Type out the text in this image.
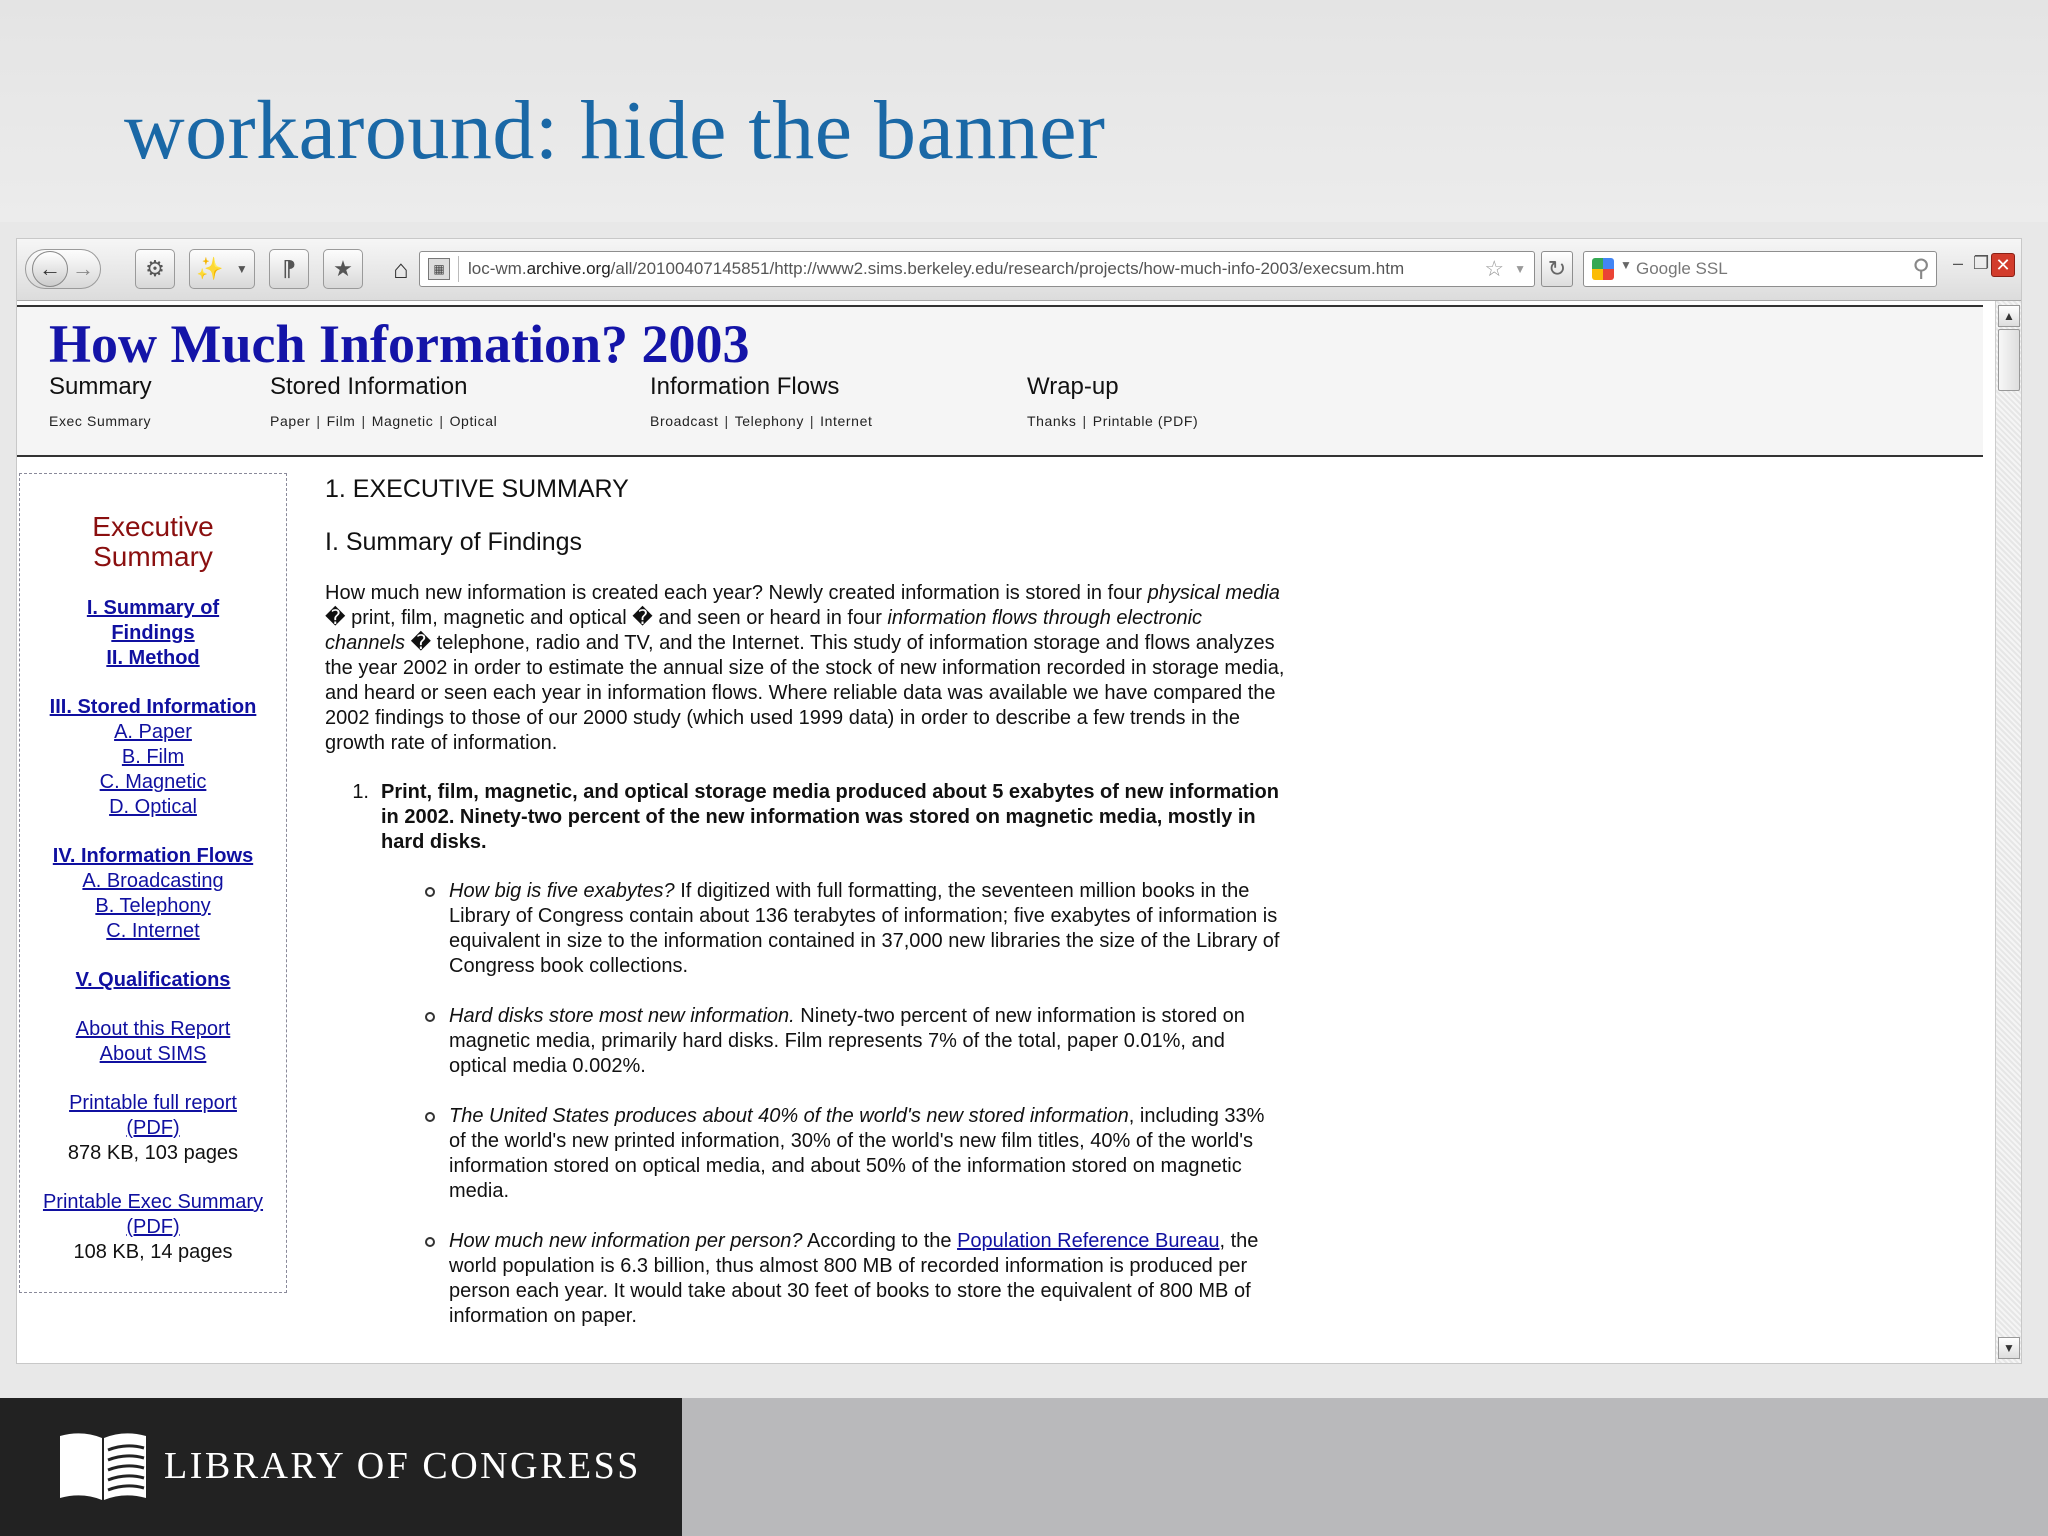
workaround: hide the banner
← →	⚙	✨ ▼	⁋	★	⌂	▦	loc-wm.archive.org/all/20100407145851/http://www2.sims.berkeley.edu/research/projects/how-much-info-2003/execsum.htm	☆ ▼ ↻	▼ Google SSL	⚲ – ❐ ✕
How Much Information? 2003
Summary
Exec Summary
Stored Information
Paper | Film | Magnetic | Optical
Information Flows
Broadcast | Telephony | Internet
Wrap-up
Thanks | Printable (PDF)
Executive
Summary
I. Summary of
Findings
II. Method
III. Stored Information
A. Paper
B. Film
C. Magnetic
D. Optical
IV. Information Flows
A. Broadcasting
B. Telephony
C. Internet
V. Qualifications
About this Report
About SIMS
Printable full report
(PDF)
878 KB, 103 pages
Printable Exec Summary
(PDF)
108 KB, 14 pages
1. EXECUTIVE SUMMARY
I. Summary of Findings

How much new information is created each year? Newly created information is stored in four physical media � print, film, magnetic and optical � and seen or heard in four information flows through electronic channels � telephone, radio and TV, and the Internet. This study of information storage and flows analyzes the year 2002 in order to estimate the annual size of the stock of new information recorded in storage media, and heard or seen each year in information flows. Where reliable data was available we have compared the 2002 findings to those of our 2000 study (which used 1999 data) in order to describe a few trends in the growth rate of information.

1. Print, film, magnetic, and optical storage media produced about 5 exabytes of new information in 2002. Ninety-two percent of the new information was stored on magnetic media, mostly in hard disks.
How big is five exabytes? If digitized with full formatting, the seventeen million books in the Library of Congress contain about 136 terabytes of information; five exabytes of information is equivalent in size to the information contained in 37,000 new libraries the size of the Library of Congress book collections.
Hard disks store most new information. Ninety-two percent of new information is stored on magnetic media, primarily hard disks. Film represents 7% of the total, paper 0.01%, and optical media 0.002%.
The United States produces about 40% of the world's new stored information, including 33% of the world's new printed information, 30% of the world's new film titles, 40% of the world's information stored on optical media, and about 50% of the information stored on magnetic media.
How much new information per person? According to the Population Reference Bureau, the world population is 6.3 billion, thus almost 800 MB of recorded information is produced per person each year. It would take about 30 feet of books to store the equivalent of 800 MB of information on paper.
▲
▼
LIBRARY OF CONGRESS
